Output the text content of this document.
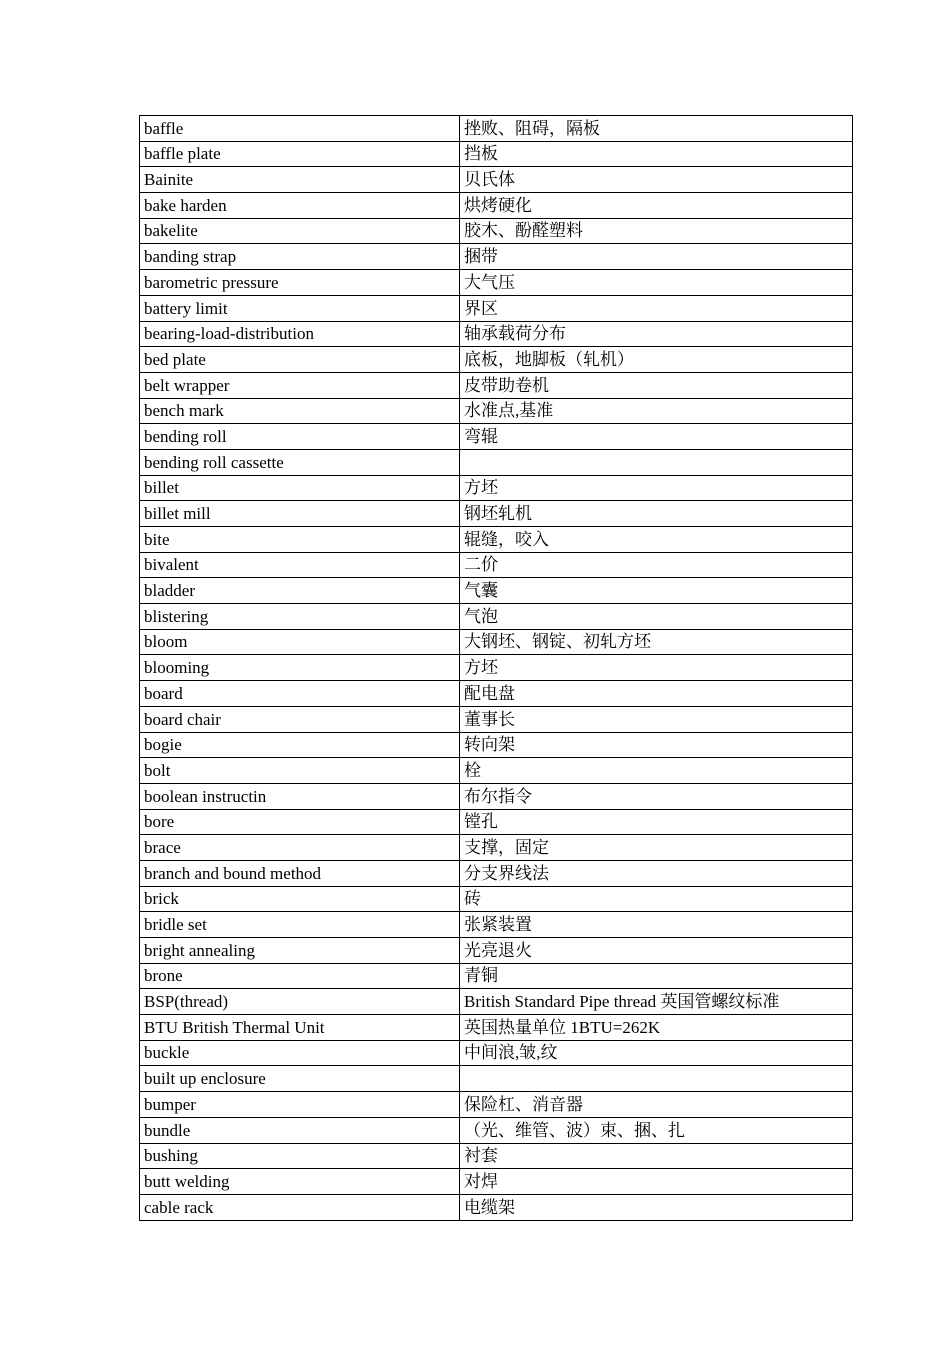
baffle	挫败、阻碍，隔板
baffle plate	挡板
Bainite	贝氏体
bake harden	烘烤硬化
bakelite	胶木、酚醛塑料
banding strap	捆带
barometric pressure	大气压
battery limit	界区
bearing-load-distribution	轴承载荷分布
bed plate	底板，地脚板（轧机）
belt wrapper	皮带助卷机
bench mark	水准点,基准
bending roll	弯辊
bending roll cassette	
billet	方坯
billet mill	钢坯轧机
bite	辊缝，咬入
bivalent	二价
bladder	气囊
blistering	气泡
bloom	大钢坯、钢锭、初轧方坯
blooming	方坯
board	配电盘
board chair	董事长
bogie	转向架
bolt	栓
boolean instructin	布尔指令
bore	镗孔
brace	支撑，固定
branch and bound method	分支界线法
brick	砖
bridle set	张紧装置
bright annealing	光亮退火
brone	青铜
BSP(thread)	British Standard Pipe thread 英国管螺纹标准
BTU British Thermal Unit	英国热量单位 1BTU=262K
buckle	中间浪,皱,纹
built up enclosure	
bumper	保险杠、消音器
bundle	（光、维管、波）束、捆、扎
bushing	衬套
butt welding	对焊
cable rack	电缆架
